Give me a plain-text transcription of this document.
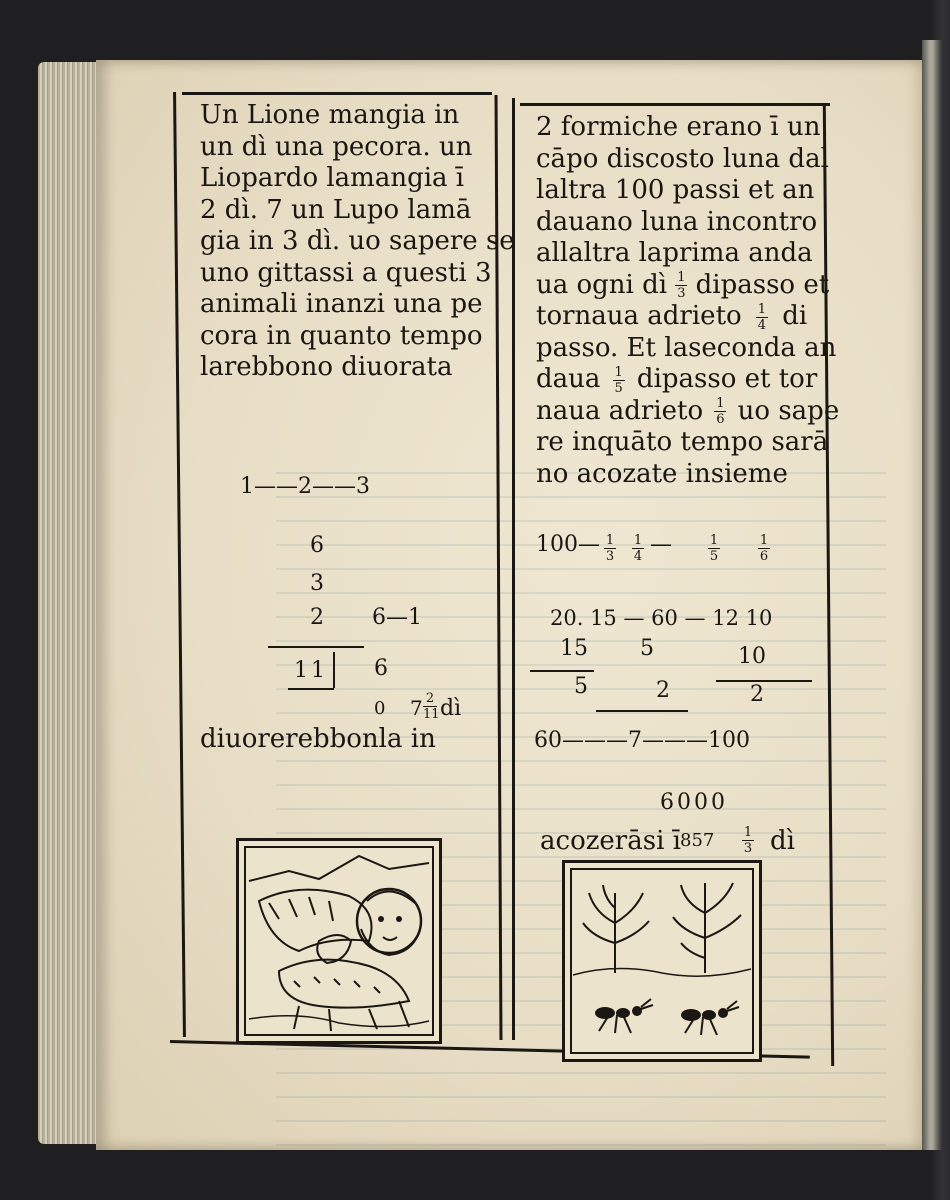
Un Lione mangia in
un dì una pecora. un
Liopardo lamangia ī
2 dì. 7 un Lupo lamā
gia in 3 dì. uo sapere se
uno gittassi a questi 3
animali inanzi una pe
cora in quanto tempo
larebbono diuorata
1——2——3
6
3
2 6—1
11 6
0 7 2
11 dì
diuorerebbonla in
2 formiche erano ī un
cāpo discosto luna dal
laltra 100 passi et an
dauano luna incontro
allaltra laprima anda
ua ogni dì $\frac{1}{3}$ dipasso et
tornaua adrieto $\frac{1}{4}$ di
passo. Et laseconda an
daua $\frac{1}{5}$ dipasso et tor
naua adrieto $\frac{1}{6}$ uo sape
re inquāto tempo sarā
no acozate insieme
100— 1
3
1
4 —	1
5
1
6
20. 15 — 60 — 12 10
15 5	10
5	2	2
60———7———100
6000
acozerāsi ī 857 1
3 dì
